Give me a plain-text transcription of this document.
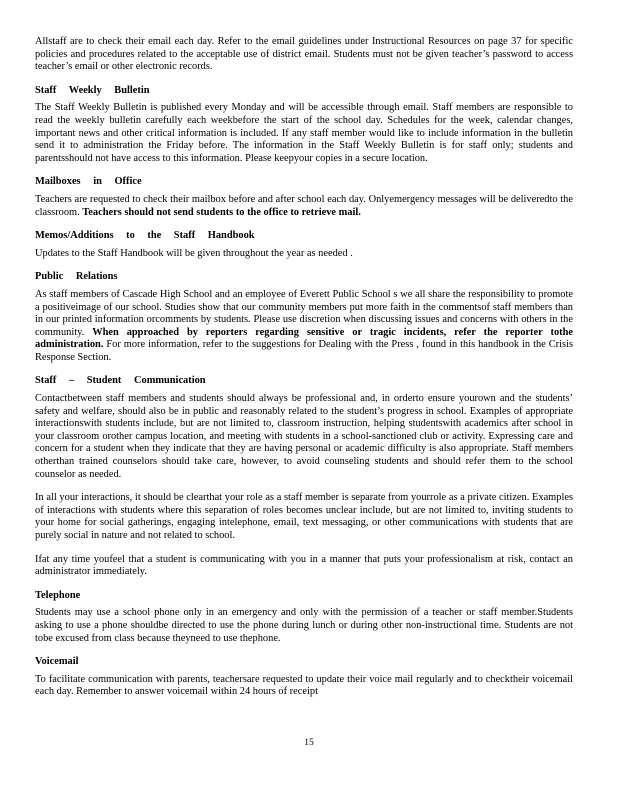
Allstaff are to check their email each day. Refer to the email guidelines under Instructional Resources on page 37 for specific policies and procedures related to the acceptable use of district email. Students must not be given teacher’s password to access teacher’s email or other electronic records.

Staff Weekly Bulletin

The Staff Weekly Bulletin is published every Monday and will be accessible through email. Staff members are responsible to read the weekly bulletin carefully each weekbefore the start of the school day. Schedules for the week, calendar changes, important news and other critical information is included. If any staff member would like to include information in the bulletin send it to administration the Friday before. The information in the Staff Weekly Bulletin is for staff only; students and parentsshould not have access to this information. Please keepyour copies in a secure location.

Mailboxes in Office

Teachers are requested to check their mailbox before and after school each day. Onlyemergency messages will be deliveredto the classroom. Teachers should not send students to the office to retrieve mail.

Memos/Additions to the Staff Handbook

Updates to the Staff Handbook will be given throughout the year as needed .

Public Relations

As staff members of Cascade High School and an employee of Everett Public School s we all share the responsibility to promote a positiveimage of our school. Studies show that our community members put more faith in the commentsof staff members than in our printed information orcomments by students. Please use discretion when discussing issues and concerns with others in the community. When approached by reporters regarding sensitive or tragic incidents, refer the reporter tothe administration. For more information, refer to the suggestions for Dealing with the Press , found in this handbook in the Crisis Response Section.

Staff – Student Communication

Contactbetween staff members and students should always be professional and, in orderto ensure yourown and the students’ safety and welfare, should also be in public and reasonably related to the student’s progress in school. Examples of appropriate interactionswith students include, but are not limited to, classroom instruction, helping studentswith academics after school in your classroom orother campus location, and meeting with students in a school-sanctioned club or activity. Expressing care and concern for a student when they indicate that they are having personal or academic difficulty is also appropriate. Staff members otherthan trained counselors should take care, however, to avoid counseling students and should refer them to the school counselor as needed.

In all your interactions, it should be clearthat your role as a staff member is separate from yourrole as a private citizen. Examples of interactions with students where this separation of roles becomes unclear include, but are not limited to, inviting students to your home for social gatherings, engaging intelephone, email, text messaging, or other communications with students that are purely social in nature and not related to school.

Ifat any time youfeel that a student is communicating with you in a manner that puts your professionalism at risk, contact an administrator immediately.

Telephone

Students may use a school phone only in an emergency and only with the permission of a teacher or staff member.Students asking to use a phone shouldbe directed to use the phone during lunch or during other non-instructional time. Students are not tobe excused from class because theyneed to use thephone.

Voicemail

To facilitate communication with parents, teachersare requested to update their voice mail regularly and to checktheir voicemail each day. Remember to answer voicemail within 24 hours of receipt

15
